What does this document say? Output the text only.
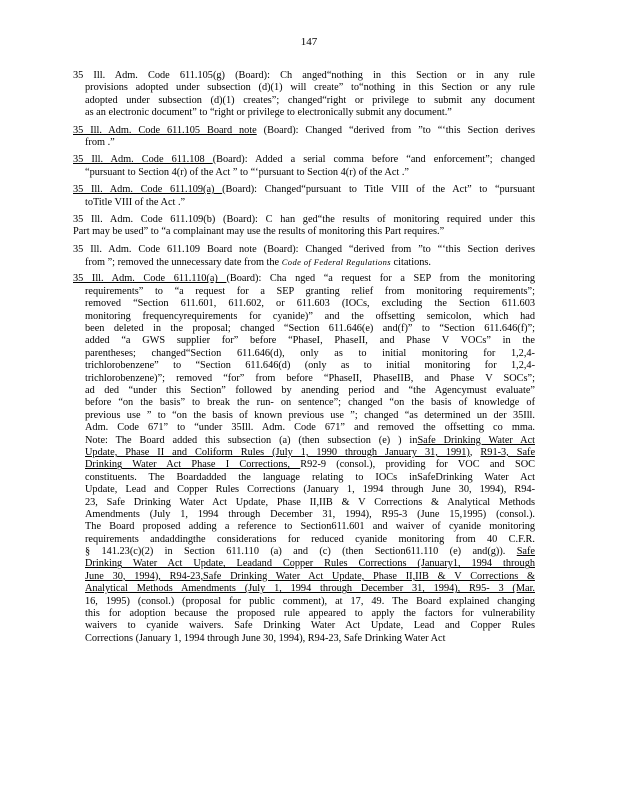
147
35 Ill. Adm. Code 611.105(g) (Board): Ch anged“nothing in this Section or in any rule
provisions adopted under subsection (d)(1) will create” to“nothing in this Section or any rule
adopted under subsection (d)(1) creates”; changed“right or privilege to submit any document
as an electronic document” to “right or privilege to electronically submit any document.”
35 Ill. Adm. Code 611.105 Board note (Board): Changed “derived from ”to “‘this Section derives
from .”
35 Ill. Adm. Code 611.108 (Board): Added a serial comma before “and enforcement”; changed
“pursuant to Section 4(r) of the Act ” to “‘pursuant to Section 4(r) of the Act .”
35 Ill. Adm. Code 611.109(a) (Board): Changed“pursuant to Title VIII of the Act” to “pursuant
toTitle VIII of the Act .”
35 Ill. Adm. Code 611.109(b) (Board): C han ged“the results of monitoring required under this
Part may be used” to “a complainant may use the results of monitoring this Part requires.”
35 Ill. Adm. Code 611.109 Board note (Board): Changed “derived from ”to “‘this Section derives
from ”; removed the unnecessary date from the Code of Federal Regulations citations.
35 Ill. Adm. Code 611.110(a) (Board): Cha nged “a request for a SEP from the monitoring
requirements” to “a request for a SEP granting relief from monitoring requirements”;
removed “Section 611.601, 611.602, or 611.603 (IOCs, excluding the Section 611.603
monitoring frequencyrequirements for cyanide)” and the offsetting semicolon, which had
been deleted in the proposal; changed “Section 611.646(e) and(f)” to “Section 611.646(f)”;
added “a GWS supplier for” before “PhaseI, PhaseII, and Phase V VOCs” in the
parentheses; changed“Section 611.646(d), only as to initial monitoring for 1,2,4-
trichlorobenzene” to “Section 611.646(d) (only as to initial monitoring for 1,2,4-
trichlorobenzene)”; removed “for” from before “PhaseII, PhaseIIB, and Phase V SOCs”;
ad ded “under this Section” followed by anending period and “the Agencymust evaluate”
before “on the basis” to break the run- on sentence”; changed “on the basis of knowledge of
previous use ” to “on the basis of known previous use ”; changed “as determined un der 35Ill.
Adm. Code 671” to “under 35Ill. Adm. Code 671” and removed the offsetting co mma.
Note: The Board added this subsection (a) (then subsection (e) ) inSafe Drinking Water Act
Update, Phase II and Coliform Rules (July 1, 1990 through January 31, 1991), R91-3, Safe
Drinking Water Act Phase I Corrections, R92-9 (consol.), providing for VOC and SOC
constituents. The Boardadded the language relating to IOCs inSafeDrinking Water Act
Update, Lead and Copper Rules Corrections (January 1, 1994 through June 30, 1994), R94-
23, Safe Drinking Water Act Update, Phase II,IIB & V Corrections & Analytical Methods
Amendments (July 1, 1994 through December 31, 1994), R95-3 (June 15,1995) (consol.).
The Board proposed adding a reference to Section611.601 and waiver of cyanide monitoring
requirements andaddingthe considerations for reduced cyanide monitoring from 40 C.F.R.
§ 141.23(c)(2) in Section 611.110 (a) and (c) (then Section611.110 (e) and(g)). Safe
Drinking Water Act Update, Leadand Copper Rules Corrections (January1, 1994 through
June 30, 1994), R94-23,Safe Drinking Water Act Update, Phase II,IIB & V Corrections &
Analytical Methods Amendments (July 1, 1994 through December 31, 1994), R95- 3 (Mar.
16, 1995) (consol.) (proposal for public comment), at 17, 49. The Board explained changing
this for adoption because the proposed rule appeared to apply the factors for vulnerability
waivers to cyanide waivers. Safe Drinking Water Act Update, Lead and Copper Rules
Corrections (January 1, 1994 through June 30, 1994), R94-23, Safe Drinking Water Act
